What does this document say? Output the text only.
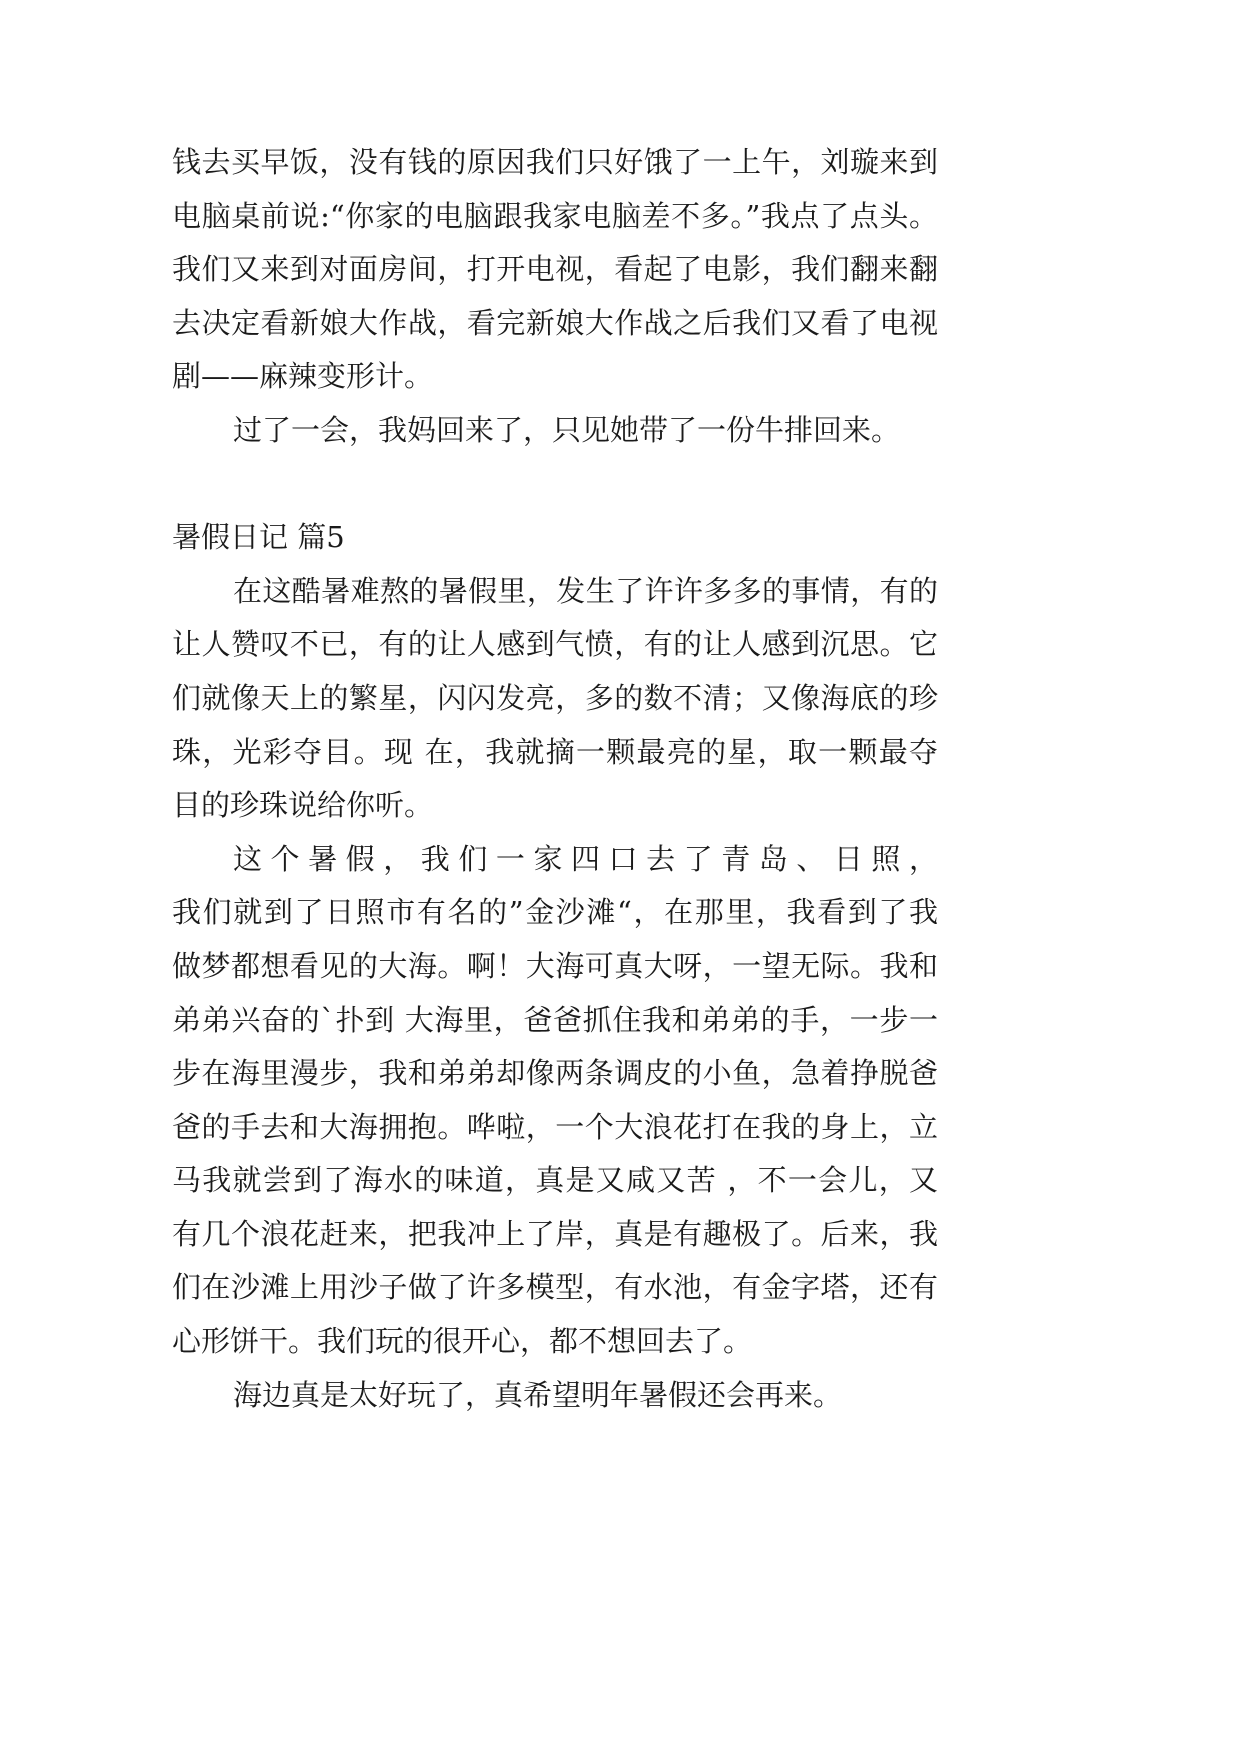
钱去买早饭，没有钱的原因我们只好饿了一上午，刘璇来到
电脑桌前说:“你家的电脑跟我家电脑差不多。”我点了点头。
我们又来到对面房间，打开电视，看起了电影，我们翻来翻
去决定看新娘大作战，看完新娘大作战之后我们又看了电视
剧——麻辣变形计。
过了一会，我妈回来了，只见她带了一份牛排回来。
暑假日记 篇5
在这酷暑难熬的暑假里，发生了许许多多的事情，有的
让人赞叹不已，有的让人感到气愤，有的让人感到沉思。它
们就像天上的繁星，闪闪发亮，多的数不清；又像海底的珍
珠，光彩夺目。现 在，我就摘一颗最亮的星，取一颗最夺
目的珍珠说给你听。
这个暑假，我们一家四口去了青岛、日照，
我们就到了日照市有名的”金沙滩“，在那里，我看到了我
做梦都想看见的大海。啊！大海可真大呀，一望无际。我和
弟弟兴奋的`扑到 大海里，爸爸抓住我和弟弟的手，一步一
步在海里漫步，我和弟弟却像两条调皮的小鱼，急着挣脱爸
爸的手去和大海拥抱。哗啦，一个大浪花打在我的身上，立
马我就尝到了海水的味道，真是又咸又苦 ，不一会儿，又
有几个浪花赶来，把我冲上了岸，真是有趣极了。后来，我
们在沙滩上用沙子做了许多模型，有水池，有金字塔，还有
心形饼干。我们玩的很开心，都不想回去了。
海边真是太好玩了，真希望明年暑假还会再来。
